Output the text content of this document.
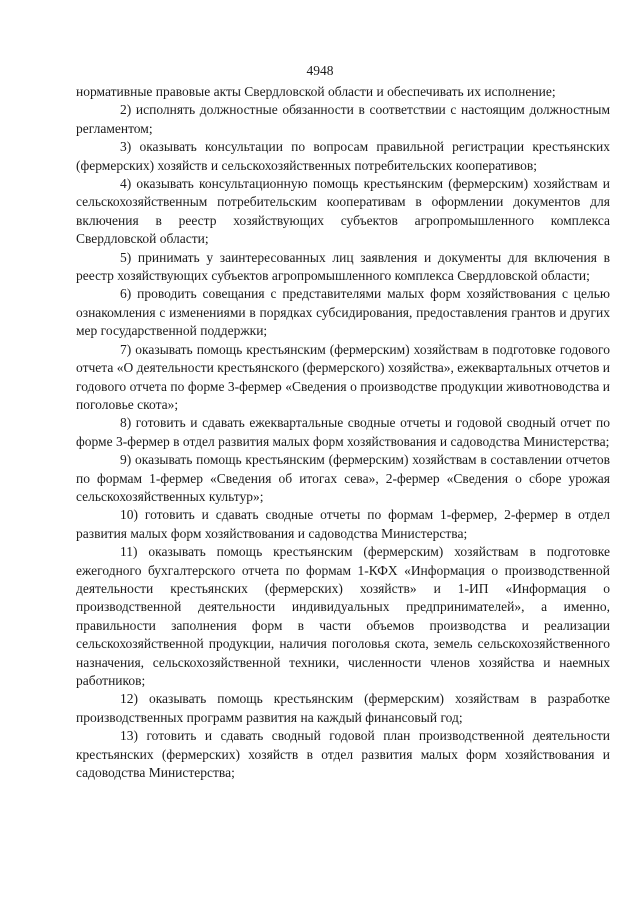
4948

нормативные правовые акты Свердловской области и обеспечивать их исполнение;

2) исполнять должностные обязанности в соответствии с настоящим должностным регламентом;

3) оказывать консультации по вопросам правильной регистрации крестьянских (фермерских) хозяйств и сельскохозяйственных потребительских кооперативов;

4) оказывать консультационную помощь крестьянским (фермерским) хозяйствам и сельскохозяйственным потребительским кооперативам в оформлении документов для включения в реестр хозяйствующих субъектов агропромышленного комплекса Свердловской области;

5) принимать у заинтересованных лиц заявления и документы для включения в реестр хозяйствующих субъектов агропромышленного комплекса Свердловской области;

6) проводить совещания с представителями малых форм хозяйствования с целью ознакомления с изменениями в порядках субсидирования, предоставления грантов и других мер государственной поддержки;

7) оказывать помощь крестьянским (фермерским) хозяйствам в подготовке годового отчета «О деятельности крестьянского (фермерского) хозяйства», ежеквартальных отчетов и годового отчета по форме 3-фермер «Сведения о производстве продукции животноводства и поголовье скота»;

8) готовить и сдавать ежеквартальные сводные отчеты и годовой сводный отчет по форме 3-фермер в отдел развития малых форм хозяйствования и садоводства Министерства;

9) оказывать помощь крестьянским (фермерским) хозяйствам в составлении отчетов по формам 1-фермер «Сведения об итогах сева», 2-фермер «Сведения о сборе урожая сельскохозяйственных культур»;

10) готовить и сдавать сводные отчеты по формам 1-фермер, 2-фермер в отдел развития малых форм хозяйствования и садоводства Министерства;

11) оказывать помощь крестьянским (фермерским) хозяйствам в подготовке ежегодного бухгалтерского отчета по формам 1-КФХ «Информация о производственной деятельности крестьянских (фермерских) хозяйств» и 1-ИП «Информация о производственной деятельности индивидуальных предпринимателей», а именно, правильности заполнения форм в части объемов производства и реализации сельскохозяйственной продукции, наличия поголовья скота, земель сельскохозяйственного назначения, сельскохозяйственной техники, численности членов хозяйства и наемных работников;

12) оказывать помощь крестьянским (фермерским) хозяйствам в разработке производственных программ развития на каждый финансовый год;

13) готовить и сдавать сводный годовой план производственной деятельности крестьянских (фермерских) хозяйств в отдел развития малых форм хозяйствования и садоводства Министерства;
